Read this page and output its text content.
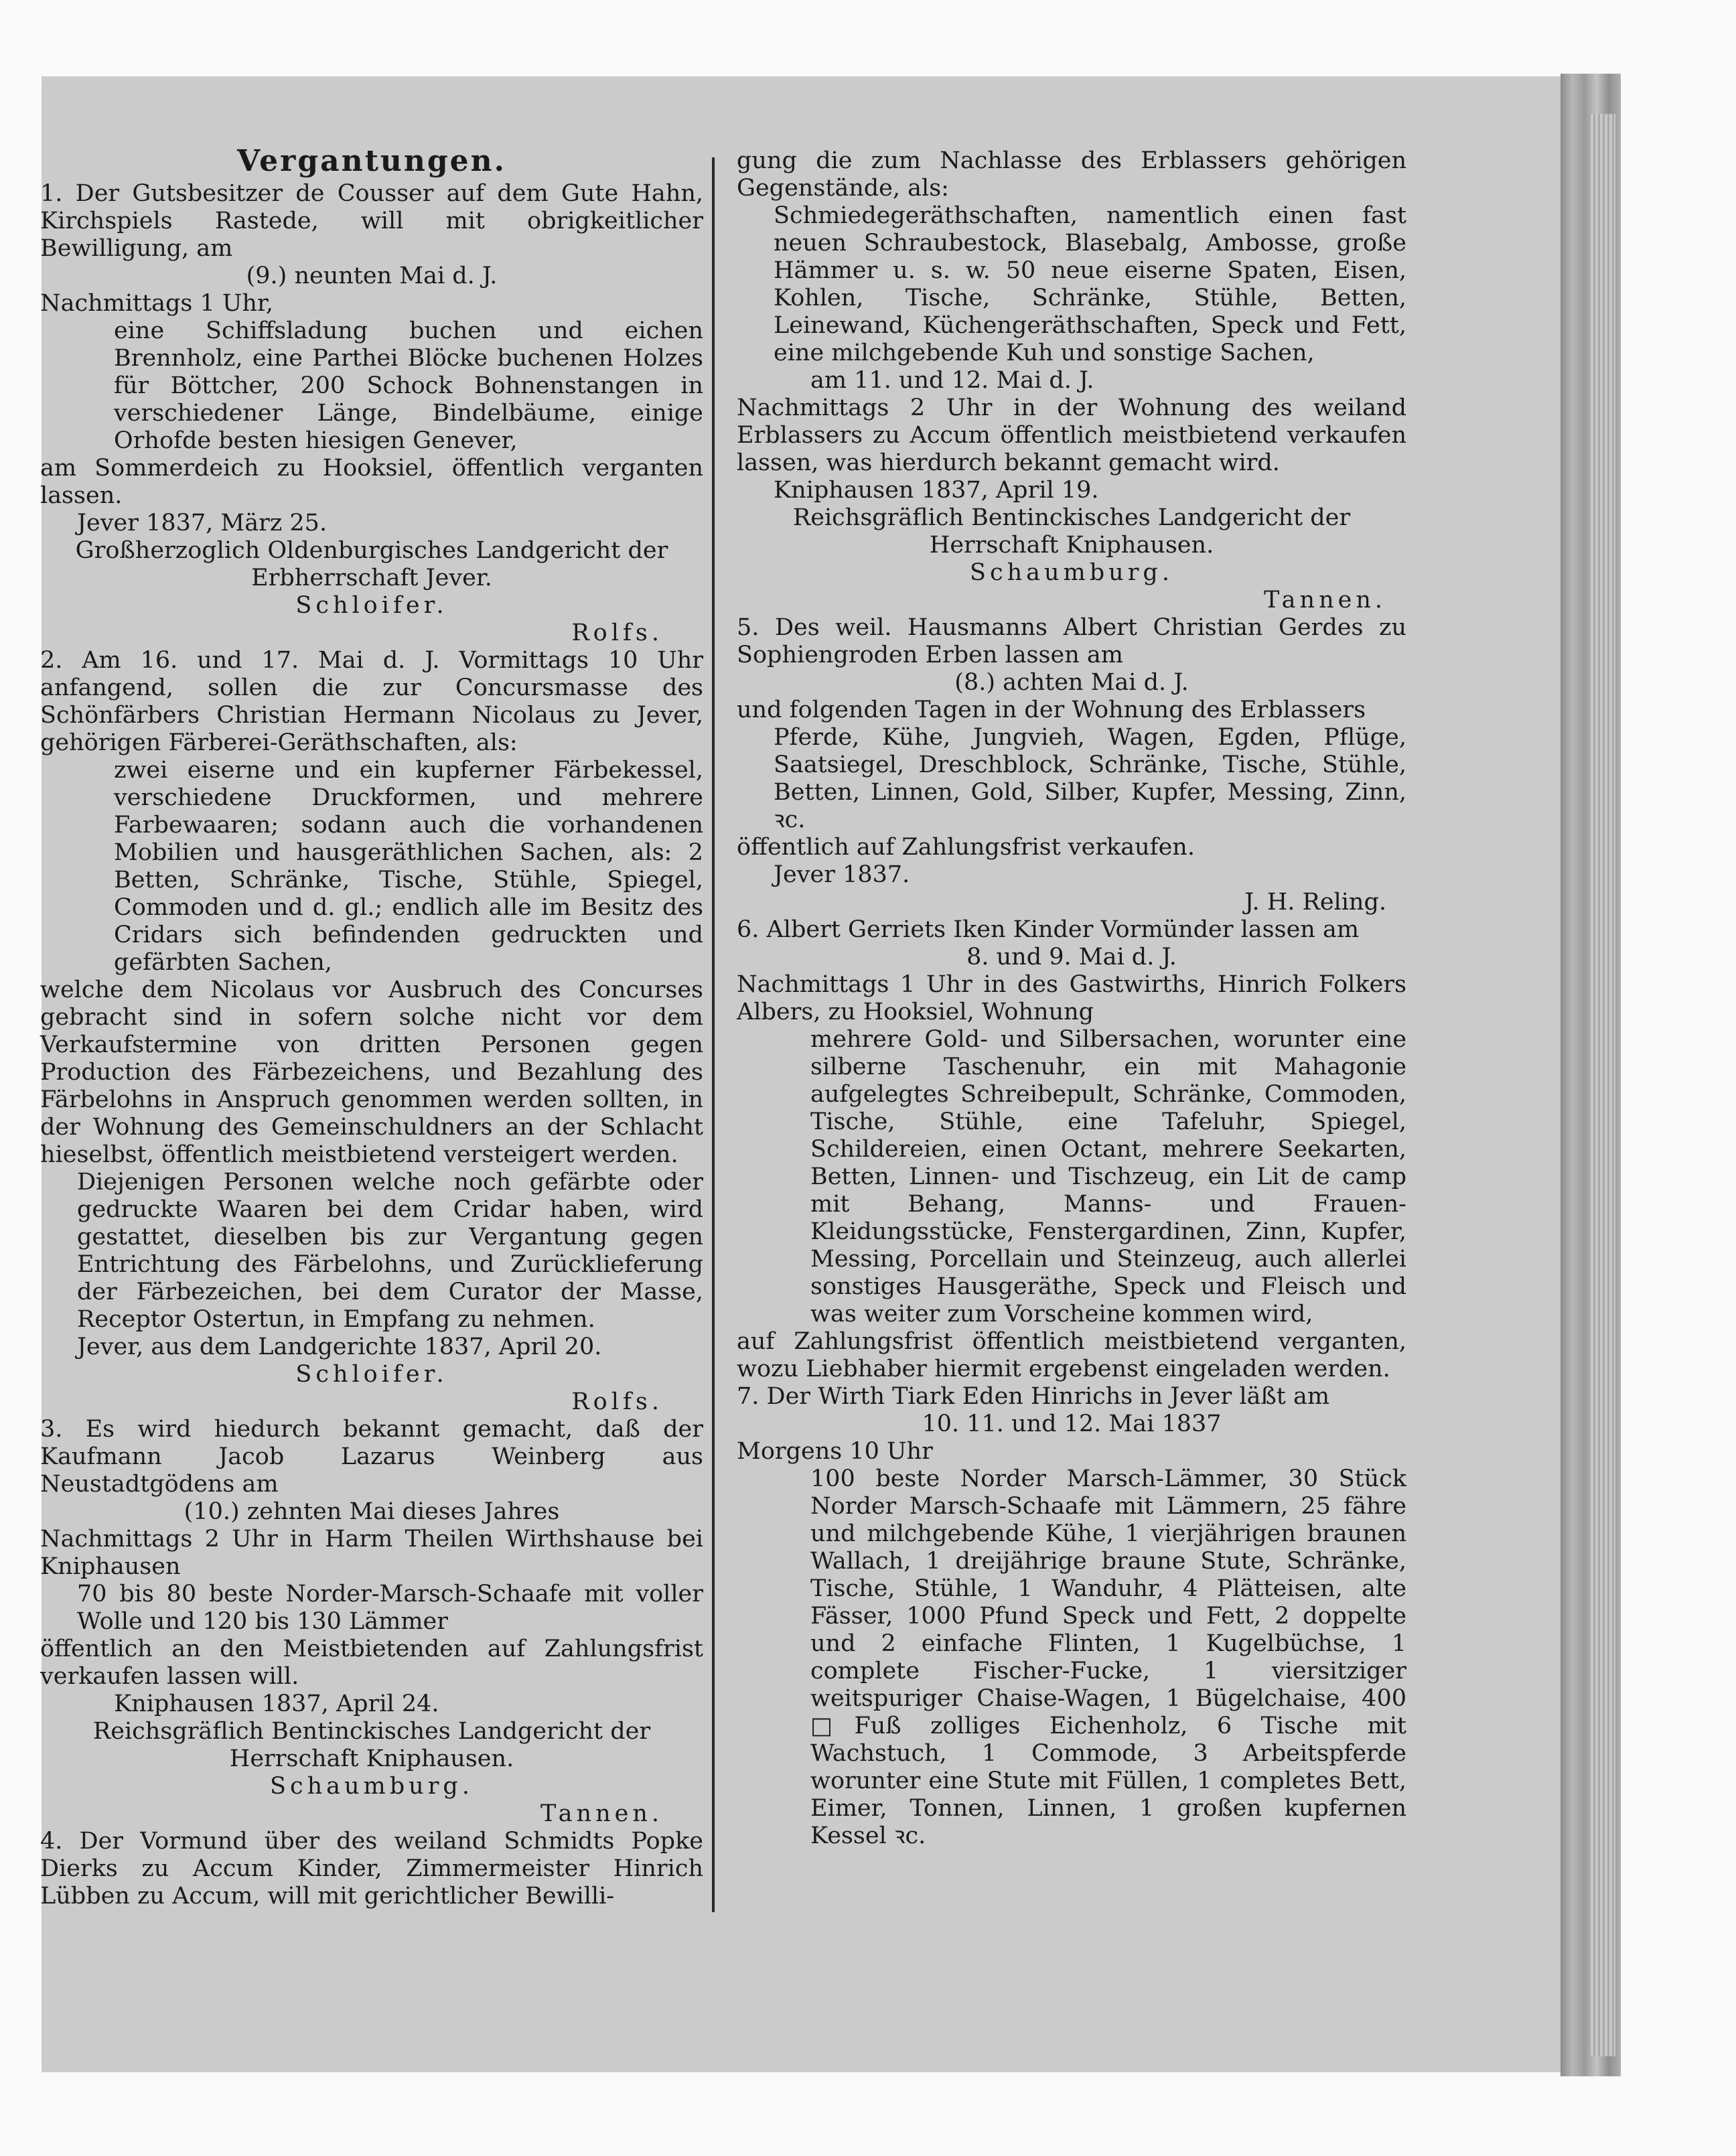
Vergantungen.

1. Der Gutsbesitzer de Cousser auf dem Gute Hahn, Kirchspiels Rastede, will mit obrigkeitlicher Bewilligung, am

(9.) neunten Mai d. J.

Nachmittags 1 Uhr,

eine Schiffsladung buchen und eichen Brennholz, eine Parthei Blöcke buchenen Holzes für Böttcher, 200 Schock Bohnenstangen in verschiedener Länge, Bindelbäume, einige Orhofde besten hiesigen Genever,

am Sommerdeich zu Hooksiel, öffentlich verganten lassen.

Jever 1837, März 25.

Großherzoglich Oldenburgisches Landgericht der Erbherrschaft Jever.

Schloifer.

Rolfs.

2. Am 16. und 17. Mai d. J. Vormittags 10 Uhr anfangend, sollen die zur Concursmasse des Schönfärbers Christian Hermann Nicolaus zu Jever, gehörigen Färberei-Geräthschaften, als:

zwei eiserne und ein kupferner Färbekessel, verschiedene Druckformen, und mehrere Farbewaaren; sodann auch die vorhandenen Mobilien und hausgeräthlichen Sachen, als: 2 Betten, Schränke, Tische, Stühle, Spiegel, Commoden und d. gl.; endlich alle im Besitz des Cridars sich befindenden gedruckten und gefärbten Sachen,

welche dem Nicolaus vor Ausbruch des Concurses gebracht sind in sofern solche nicht vor dem Verkaufstermine von dritten Personen gegen Production des Färbezeichens, und Bezahlung des Färbelohns in Anspruch genommen werden sollten, in der Wohnung des Gemeinschuldners an der Schlacht hieselbst, öffentlich meistbietend versteigert werden.

Diejenigen Personen welche noch gefärbte oder gedruckte Waaren bei dem Cridar haben, wird gestattet, dieselben bis zur Vergantung gegen Entrichtung des Färbelohns, und Zurücklieferung der Färbezeichen, bei dem Curator der Masse, Receptor Ostertun, in Empfang zu nehmen.

Jever, aus dem Landgerichte 1837, April 20.

Schloifer.

Rolfs.

3. Es wird hiedurch bekannt gemacht, daß der Kaufmann Jacob Lazarus Weinberg aus Neustadtgödens am

(10.) zehnten Mai dieses Jahres

Nachmittags 2 Uhr in Harm Theilen Wirthshause bei Kniphausen

70 bis 80 beste Norder-Marsch-Schaafe mit voller Wolle und 120 bis 130 Lämmer

öffentlich an den Meistbietenden auf Zahlungsfrist verkaufen lassen will.

Kniphausen 1837, April 24.

Reichsgräflich Bentinckisches Landgericht der Herrschaft Kniphausen.

Schaumburg.

Tannen.

4. Der Vormund über des weiland Schmidts Popke Dierks zu Accum Kinder, Zimmermeister Hinrich Lübben zu Accum, will mit gerichtlicher Bewilli-

gung die zum Nachlasse des Erblassers gehörigen Gegenstände, als:

Schmiedegeräthschaften, namentlich einen fast neuen Schraubestock, Blasebalg, Ambosse, große Hämmer u. s. w. 50 neue eiserne Spaten, Eisen, Kohlen, Tische, Schränke, Stühle, Betten, Leinewand, Küchengeräthschaften, Speck und Fett, eine milchgebende Kuh und sonstige Sachen,

am 11. und 12. Mai d. J.

Nachmittags 2 Uhr in der Wohnung des weiland Erblassers zu Accum öffentlich meistbietend verkaufen lassen, was hierdurch bekannt gemacht wird.

Kniphausen 1837, April 19.

Reichsgräflich Bentinckisches Landgericht der Herrschaft Kniphausen.

Schaumburg.

Tannen.

5. Des weil. Hausmanns Albert Christian Gerdes zu Sophiengroden Erben lassen am

(8.) achten Mai d. J.

und folgenden Tagen in der Wohnung des Erblassers

Pferde, Kühe, Jungvieh, Wagen, Egden, Pflüge, Saatsiegel, Dreschblock, Schränke, Tische, Stühle, Betten, Linnen, Gold, Silber, Kupfer, Messing, Zinn, ꝛc.

öffentlich auf Zahlungsfrist verkaufen.

Jever 1837.

J. H. Reling.

6. Albert Gerriets Iken Kinder Vormünder lassen am

8. und 9. Mai d. J.

Nachmittags 1 Uhr in des Gastwirths, Hinrich Folkers Albers, zu Hooksiel, Wohnung

mehrere Gold- und Silbersachen, worunter eine silberne Taschenuhr, ein mit Mahagonie aufgelegtes Schreibepult, Schränke, Commoden, Tische, Stühle, eine Tafeluhr, Spiegel, Schildereien, einen Octant, mehrere Seekarten, Betten, Linnen- und Tischzeug, ein Lit de camp mit Behang, Manns- und Frauen-Kleidungsstücke, Fenstergardinen, Zinn, Kupfer, Messing, Porcellain und Steinzeug, auch allerlei sonstiges Hausgeräthe, Speck und Fleisch und was weiter zum Vorscheine kommen wird,

auf Zahlungsfrist öffentlich meistbietend verganten, wozu Liebhaber hiermit ergebenst eingeladen werden.

7. Der Wirth Tiark Eden Hinrichs in Jever läßt am

10. 11. und 12. Mai 1837

Morgens 10 Uhr

100 beste Norder Marsch-Lämmer, 30 Stück Norder Marsch-Schaafe mit Lämmern, 25 fähre und milchgebende Kühe, 1 vierjährigen braunen Wallach, 1 dreijährige braune Stute, Schränke, Tische, Stühle, 1 Wanduhr, 4 Plätteisen, alte Fässer, 1000 Pfund Speck und Fett, 2 doppelte und 2 einfache Flinten, 1 Kugelbüchse, 1 complete Fischer-Fucke, 1 viersitziger weitspuriger Chaise-Wagen, 1 Bügelchaise, 400 □Fuß zolliges Eichenholz, 6 Tische mit Wachstuch, 1 Commode, 3 Arbeitspferde worunter eine Stute mit Füllen, 1 completes Bett, Eimer, Tonnen, Linnen, 1 großen kupfernen Kessel ꝛc.
